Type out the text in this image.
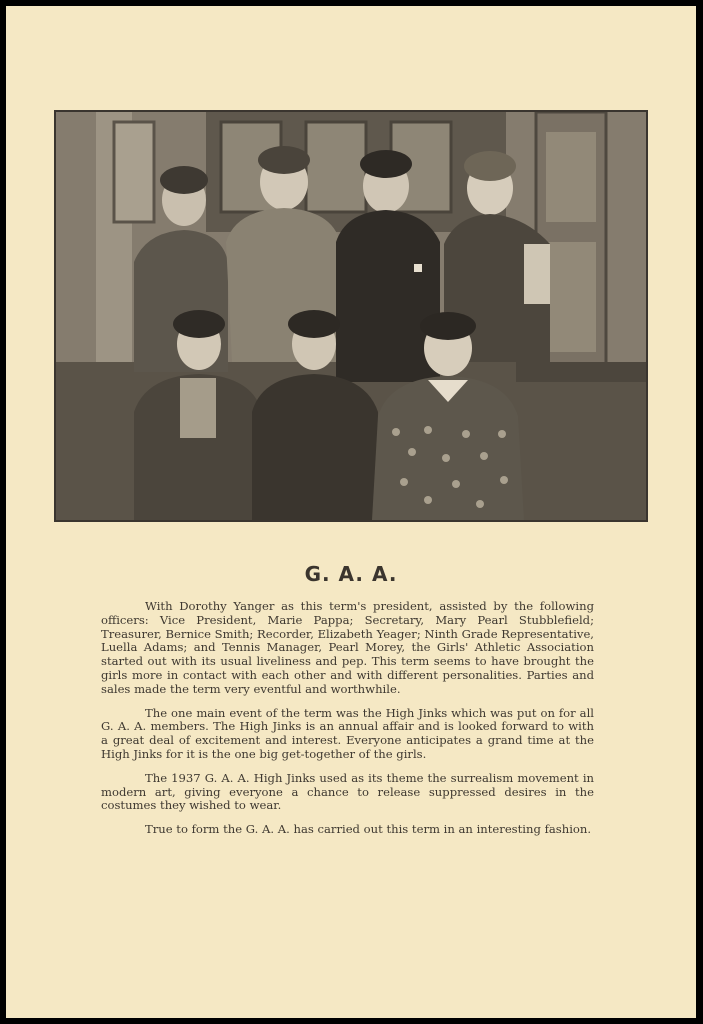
G. A. A.

With Dorothy Yanger as this term's president, assisted by the following officers: Vice President, Marie Pappa; Secretary, Mary Pearl Stubblefield; Treasurer, Bernice Smith; Recorder, Elizabeth Yeager; Ninth Grade Representative, Luella Adams; and Tennis Manager, Pearl Morey, the Girls' Athletic Association started out with its usual liveliness and pep. This term seems to have brought the girls more in contact with each other and with different personalities. Parties and sales made the term very eventful and worthwhile.

The one main event of the term was the High Jinks which was put on for all G. A. A. members. The High Jinks is an annual affair and is looked forward to with a great deal of excitement and interest. Everyone anticipates a grand time at the High Jinks for it is the one big get-together of the girls.

The 1937 G. A. A. High Jinks used as its theme the surrealism movement in modern art, giving everyone a chance to release suppressed desires in the costumes they wished to wear.

True to form the G. A. A. has carried out this term in an interesting fashion.
